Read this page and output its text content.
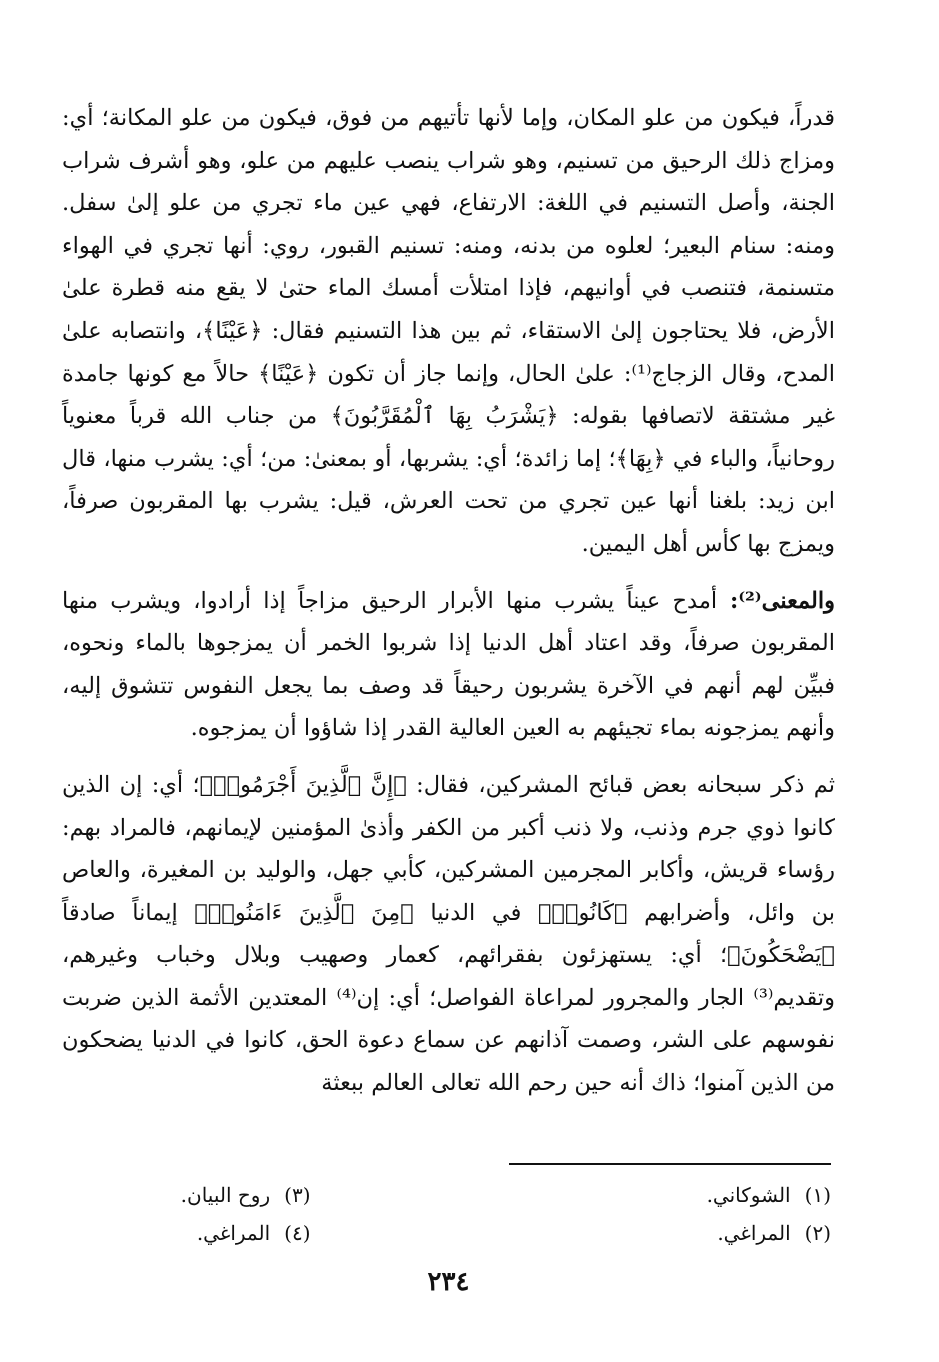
قدراً، فيكون من علو المكان، وإما لأنها تأتيهم من فوق، فيكون من علو المكانة؛ أي: ومزاج ذلك الرحيق من تسنيم، وهو شراب ينصب عليهم من علو، وهو أشرف شراب الجنة، وأصل التسنيم في اللغة: الارتفاع، فهي عين ماء تجري من علو إلىٰ سفل. ومنه: سنام البعير؛ لعلوه من بدنه، ومنه: تسنيم القبور، روي: أنها تجري في الهواء متسنمة، فتنصب في أوانيهم، فإذا امتلأت أمسك الماء حتىٰ لا يقع منه قطرة علىٰ الأرض، فلا يحتاجون إلىٰ الاستقاء، ثم بين هذا التسنيم فقال: ﴿عَيْنًا﴾، وانتصابه علىٰ المدح، وقال الزجاج⁽¹⁾: علىٰ الحال، وإنما جاز أن تكون ﴿عَيْنًا﴾ حالاً مع كونها جامدة غير مشتقة لاتصافها بقوله: ﴿يَشْرَبُ بِهَا ٱلْمُقَرَّبُونَ﴾ من جناب الله قرباً معنوياً روحانياً، والباء في ﴿بِهَا﴾؛ إما زائدة؛ أي: يشربها، أو بمعنىٰ: من؛ أي: يشرب منها، قال ابن زيد: بلغنا أنها عين تجري من تحت العرش، قيل: يشرب بها المقربون صرفاً، ويمزج بها كأس أهل اليمين.

والمعنى⁽²⁾: أمدح عيناً يشرب منها الأبرار الرحيق مزاجاً إذا أرادوا، ويشرب منها المقربون صرفاً، وقد اعتاد أهل الدنيا إذا شربوا الخمر أن يمزجوها بالماء ونحوه، فبيِّن لهم أنهم في الآخرة يشربون رحيقاً قد وصف بما يجعل النفوس تتشوق إليه، وأنهم يمزجونه بماء تجيئهم به العين العالية القدر إذا شاؤوا أن يمزجوه.

ثم ذكر سبحانه بعض قبائح المشركين، فقال: ﴿إِنَّ ٱلَّذِينَ أَجْرَمُوا۟﴾؛ أي: إن الذين كانوا ذوي جرم وذنب، ولا ذنب أكبر من الكفر وأذىٰ المؤمنين لإيمانهم، فالمراد بهم: رؤساء قريش، وأكابر المجرمين المشركين، كأبي جهل، والوليد بن المغيرة، والعاص بن وائل، وأضرابهم ﴿كَانُوا۟﴾ في الدنيا ﴿مِنَ ٱلَّذِينَ ءَامَنُوا۟﴾ إيماناً صادقاً ﴿يَضْحَكُونَ﴾؛ أي: يستهزئون بفقرائهم، كعمار وصهيب وبلال وخباب وغيرهم، وتقديم⁽³⁾ الجار والمجرور لمراعاة الفواصل؛ أي: إن⁽⁴⁾ المعتدين الأثمة الذين ضربت نفوسهم على الشر، وصمت آذانهم عن سماع دعوة الحق، كانوا في الدنيا يضحكون من الذين آمنوا؛ ذاك أنه حين رحم الله تعالى العالم ببعثة

(١)
الشوكاني.
(٣)
روح البيان.
(٢)
المراغي.
(٤)
المراغي.
٢٣٤
